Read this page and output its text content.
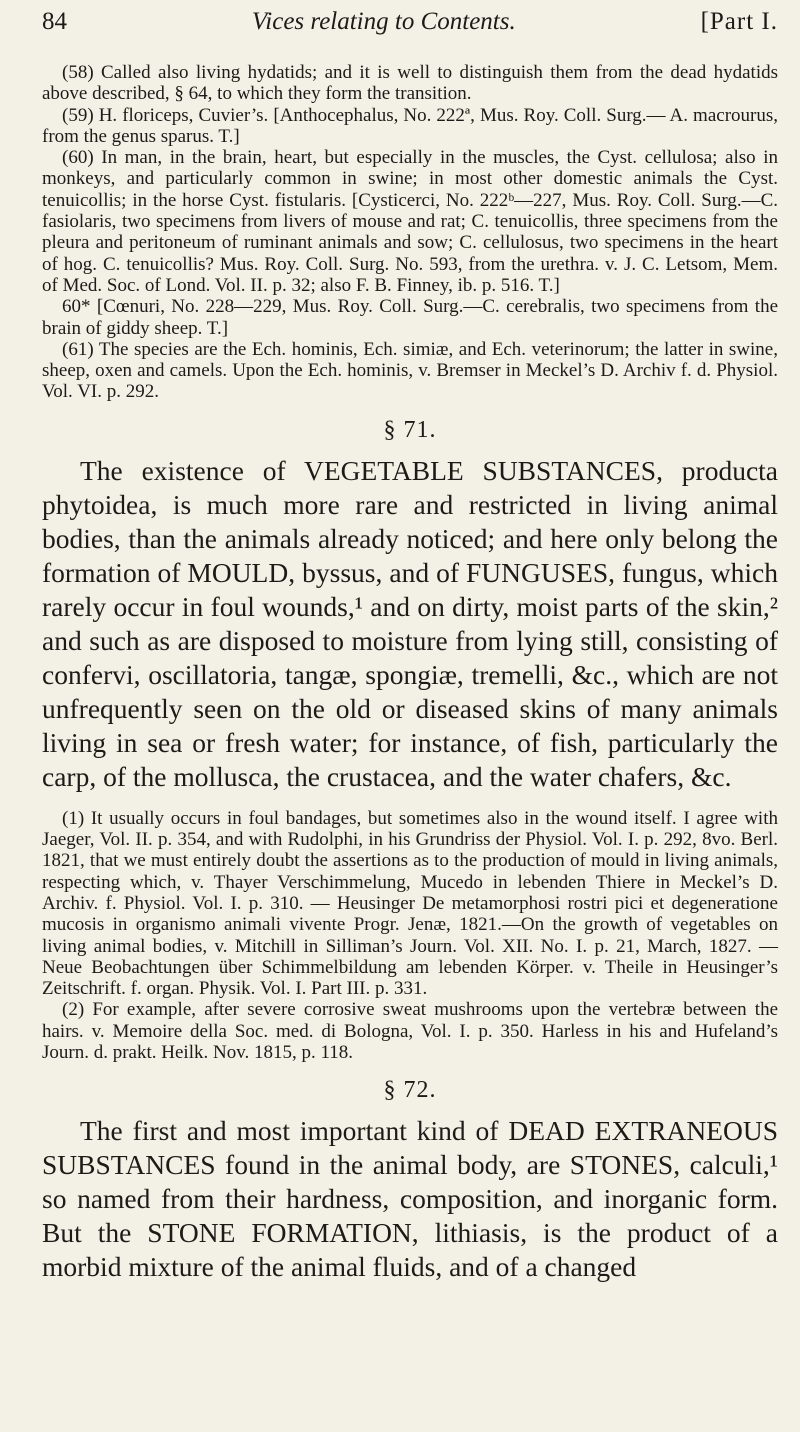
84	Vices relating to Contents.	[Part I.

(58) Called also living hydatids; and it is well to distinguish them from the dead hydatids above described, § 64, to which they form the transition.

(59) H. floriceps, Cuvier’s. [Anthocephalus, No. 222ª, Mus. Roy. Coll. Surg.— A. macrourus, from the genus sparus. T.]

(60) In man, in the brain, heart, but especially in the muscles, the Cyst. cellulosa; also in monkeys, and particularly common in swine; in most other domestic animals the Cyst. tenuicollis; in the horse Cyst. fistularis. [Cysticerci, No. 222ᵇ—227, Mus. Roy. Coll. Surg.—C. fasiolaris, two specimens from livers of mouse and rat; C. tenuicollis, three specimens from the pleura and peritoneum of ruminant animals and sow; C. cellulosus, two specimens in the heart of hog. C. tenuicollis? Mus. Roy. Coll. Surg. No. 593, from the urethra. v. J. C. Letsom, Mem. of Med. Soc. of Lond. Vol. II. p. 32; also F. B. Finney, ib. p. 516. T.]

60* [Cœnuri, No. 228—229, Mus. Roy. Coll. Surg.—C. cerebralis, two specimens from the brain of giddy sheep. T.]

(61) The species are the Ech. hominis, Ech. simiæ, and Ech. veterinorum; the latter in swine, sheep, oxen and camels. Upon the Ech. hominis, v. Bremser in Meckel’s D. Archiv f. d. Physiol. Vol. VI. p. 292.

§ 71.

The existence of VEGETABLE SUBSTANCES, producta phytoidea, is much more rare and restricted in living animal bodies, than the animals already noticed; and here only belong the formation of MOULD, byssus, and of FUNGUSES, fungus, which rarely occur in foul wounds,¹ and on dirty, moist parts of the skin,² and such as are disposed to moisture from lying still, consisting of confervi, oscillatoria, tangæ, spongiæ, tremelli, &c., which are not unfrequently seen on the old or diseased skins of many animals living in sea or fresh water; for instance, of fish, particularly the carp, of the mollusca, the crustacea, and the water chafers, &c.

(1) It usually occurs in foul bandages, but sometimes also in the wound itself. I agree with Jaeger, Vol. II. p. 354, and with Rudolphi, in his Grundriss der Physiol. Vol. I. p. 292, 8vo. Berl. 1821, that we must entirely doubt the assertions as to the production of mould in living animals, respecting which, v. Thayer Verschimmelung, Mucedo in lebenden Thiere in Meckel’s D. Archiv. f. Physiol. Vol. I. p. 310. — Heusinger De metamorphosi rostri pici et degeneratione mucosis in organismo animali vivente Progr. Jenæ, 1821.—On the growth of vegetables on living animal bodies, v. Mitchill in Silliman’s Journ. Vol. XII. No. I. p. 21, March, 1827. — Neue Beobachtungen über Schimmelbildung am lebenden Körper. v. Theile in Heusinger’s Zeitschrift. f. organ. Physik. Vol. I. Part III. p. 331.

(2) For example, after severe corrosive sweat mushrooms upon the vertebræ between the hairs. v. Memoire della Soc. med. di Bologna, Vol. I. p. 350. Harless in his and Hufeland’s Journ. d. prakt. Heilk. Nov. 1815, p. 118.

§ 72.

The first and most important kind of DEAD EXTRANEOUS SUBSTANCES found in the animal body, are STONES, calculi,¹ so named from their hardness, composition, and inorganic form. But the STONE FORMATION, lithiasis, is the product of a morbid mixture of the animal fluids, and of a changed
